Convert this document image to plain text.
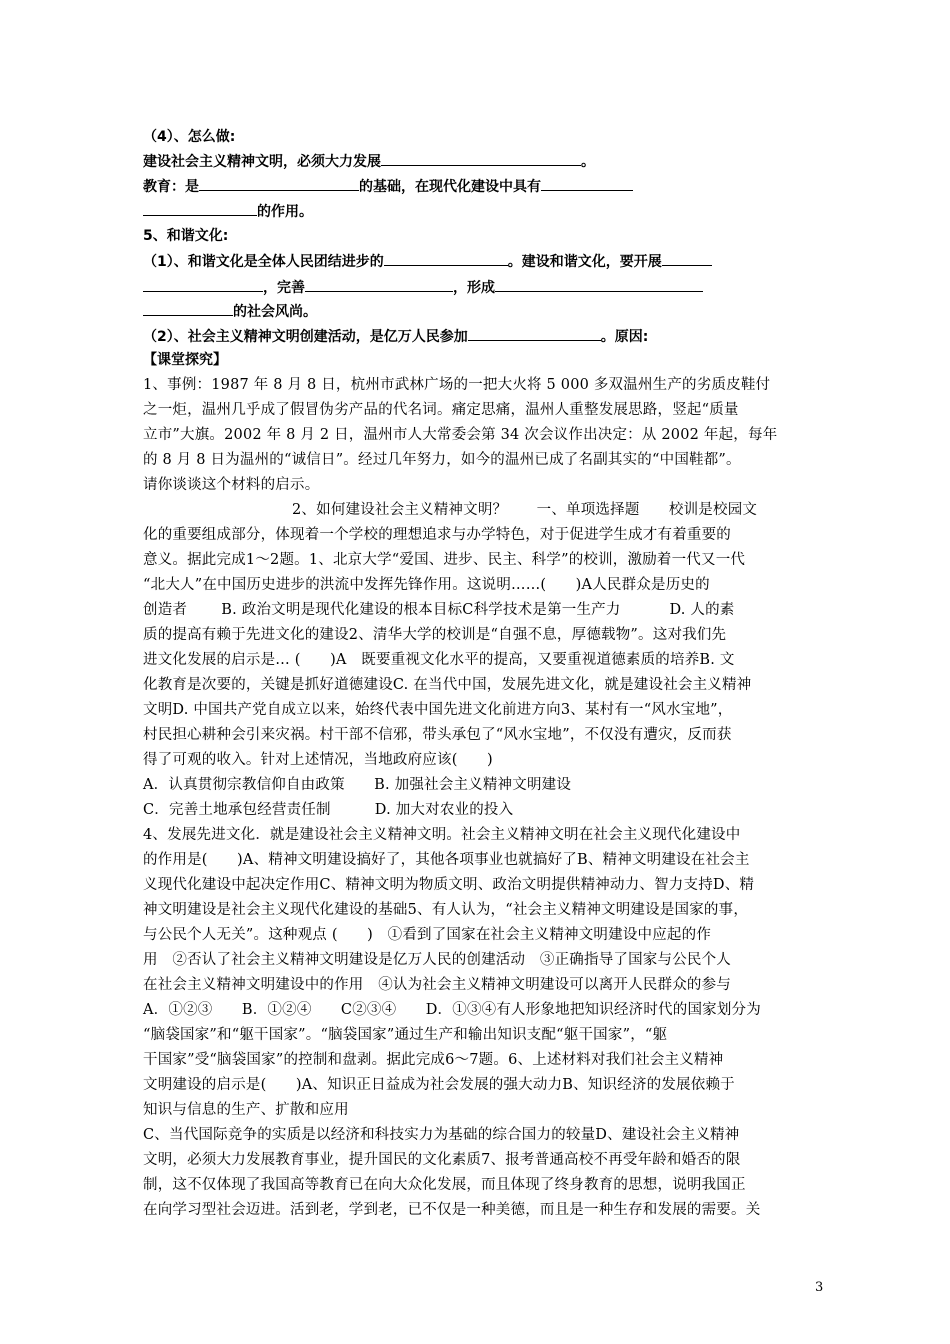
（4）、怎么做:
建设社会主义精神文明，必须大力发展	。
教育：是	的基础，在现代化建设中具有
的作用。
5、和谐文化:
（1）、和谐文化是全体人民团结进步的	。建设和谐文化，要开展
，完善	，形成
的社会风尚。
（2）、社会主义精神文明创建活动，是亿万人民参加	。原因:
【课堂探究】
1、事例：1987 年 8 月 8 日，杭州市武林广场的一把大火将 5 000 多双温州生产的劣质皮鞋付
之一炬，温州几乎成了假冒伪劣产品的代名词。痛定思痛，温州人重整发展思路，竖起“质量
立市”大旗。2002 年 8 月 2 日，温州市人大常委会第 34 次会议作出决定：从 2002 年起，每年
的 8 月 8 日为温州的“诚信日”。经过几年努力，如今的温州已成了名副其实的“中国鞋都”。
请你谈谈这个材料的启示。
2、如何建设社会主义精神文明？　　一、单项选择题　　校训是校园文
化的重要组成部分，体现着一个学校的理想追求与办学特色，对于促进学生成才有着重要的
意义。据此完成1～2题。1、北京大学“爱国、进步、民主、科学”的校训，激励着一代又一代
“北大人”在中国历史进步的洪流中发挥先锋作用。这说明……(　　)A人民群众是历史的
创造者　　 B. 政治文明是现代化建设的根本目标C科学技术是第一生产力　　　 D. 人的素
质的提高有赖于先进文化的建设2、清华大学的校训是“自强不息，厚德载物”。这对我们先
进文化发展的启示是… (　　)A　既要重视文化水平的提高，又要重视道德素质的培养B. 文
化教育是次要的，关键是抓好道德建设C. 在当代中国，发展先进文化，就是建设社会主义精神
文明D. 中国共产党自成立以来，始终代表中国先进文化前进方向3、某村有一“风水宝地”，
村民担心耕种会引来灾祸。村干部不信邪，带头承包了“风水宝地”，不仅没有遭灾，反而获
得了可观的收入。针对上述情况，当地政府应该(　　)
A．认真贯彻宗教信仰自由政策　　B. 加强社会主义精神文明建设
C．完善土地承包经营责任制　　　D. 加大对农业的投入
4、发展先进文化．就是建设社会主义精神文明。社会主义精神文明在社会主义现代化建设中
的作用是(　　)A、精神文明建设搞好了，其他各项事业也就搞好了B、精神文明建设在社会主
义现代化建设中起决定作用C、精神文明为物质文明、政治文明提供精神动力、智力支持D、精
神文明建设是社会主义现代化建设的基础5、有人认为，“社会主义精神文明建设是国家的事，
与公民个人无关”。这种观点 (　　)　①看到了国家在社会主义精神文明建设中应起的作
用　②否认了社会主义精神文明建设是亿万人民的创建活动　③正确指导了国家与公民个人
在社会主义精神文明建设中的作用　④认为社会主义精神文明建设可以离开人民群众的参与
A．①②③　　B．①②④　　C②③④　　D．①③④有人形象地把知识经济时代的国家划分为
“脑袋国家”和“躯干国家”。“脑袋国家”通过生产和输出知识支配“躯干国家”，“躯
干国家”受“脑袋国家”的控制和盘剥。据此完成6～7题。6、上述材料对我们社会主义精神
文明建设的启示是(　　)A、知识正日益成为社会发展的强大动力B、知识经济的发展依赖于
知识与信息的生产、扩散和应用
C、当代国际竞争的实质是以经济和科技实力为基础的综合国力的较量D、建设社会主义精神
文明，必须大力发展教育事业，提升国民的文化素质7、报考普通高校不再受年龄和婚否的限
制，这不仅体现了我国高等教育已在向大众化发展，而且体现了终身教育的思想，说明我国正
在向学习型社会迈进。活到老，学到老，已不仅是一种美德，而且是一种生存和发展的需要。关
3
